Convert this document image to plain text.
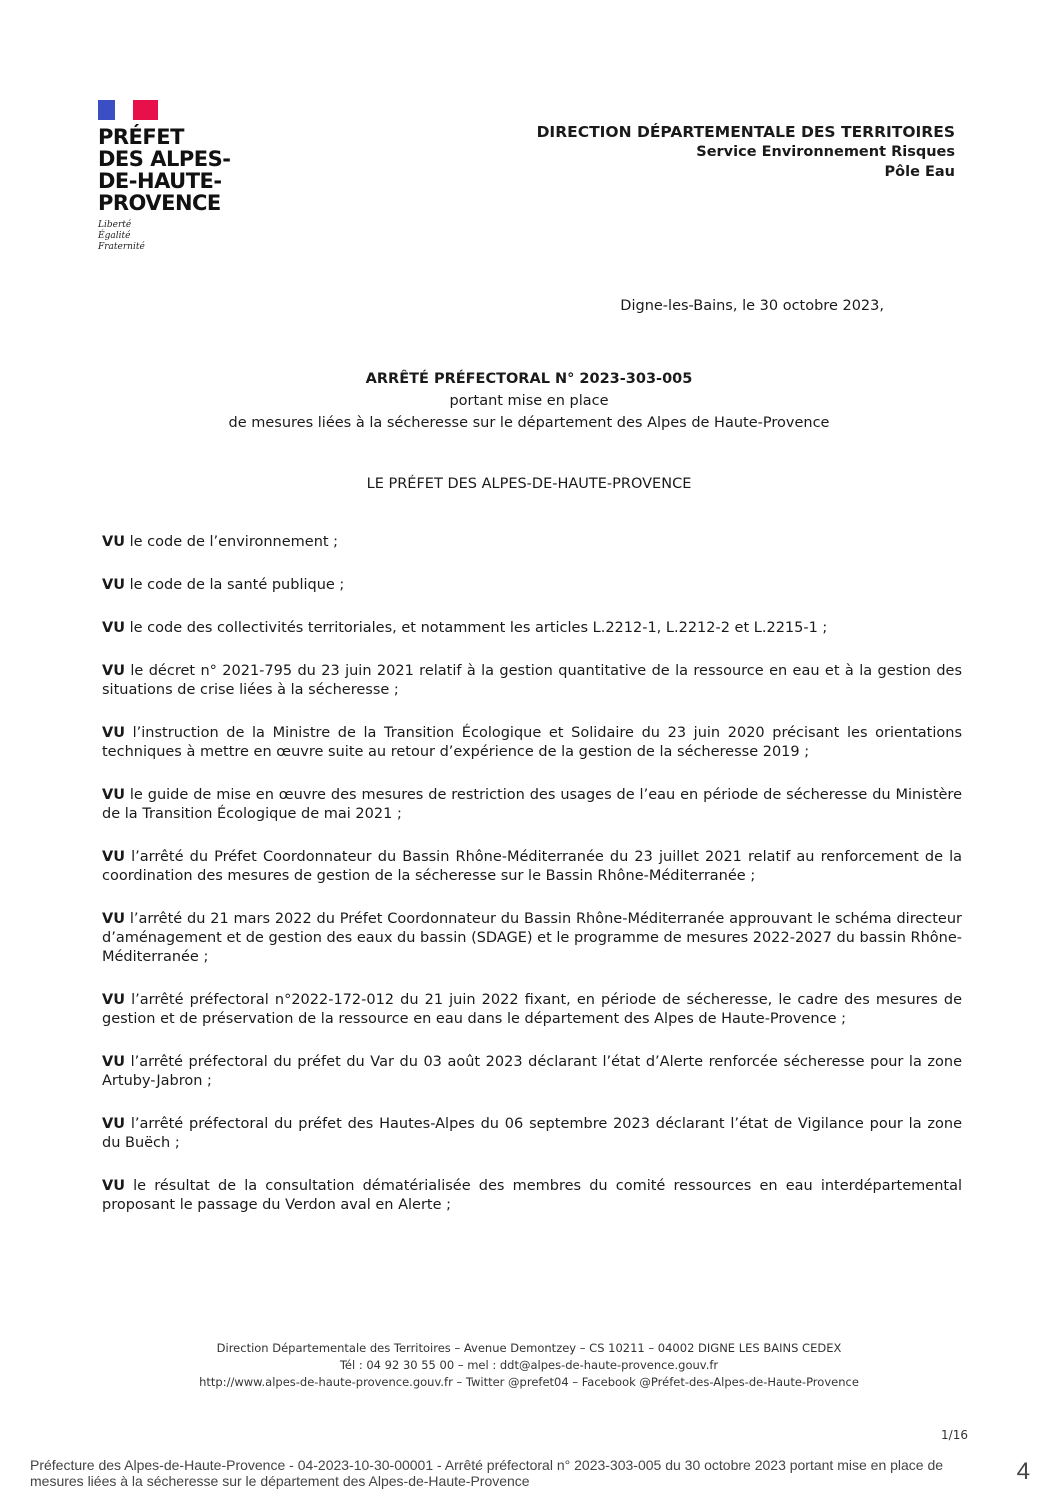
PRÉFET
DES ALPES-
DE-HAUTE-
PROVENCE
Liberté
Égalité
Fraternité
DIRECTION DÉPARTEMENTALE DES TERRITOIRES
Service Environnement Risques
Pôle Eau
Digne-les-Bains, le 30 octobre 2023,
ARRÊTÉ PRÉFECTORAL N° 2023-303-005
portant mise en place
de mesures liées à la sécheresse sur le département des Alpes de Haute-Provence
LE PRÉFET DES ALPES-DE-HAUTE-PROVENCE

VU le code de l’environnement ;

VU le code de la santé publique ;

VU le code des collectivités territoriales, et notamment les articles L.2212-1, L.2212-2 et L.2215-1 ;

VU le décret n° 2021-795 du 23 juin 2021 relatif à la gestion quantitative de la ressource en eau et à la gestion des situations de crise liées à la sécheresse ;

VU l’instruction de la Ministre de la Transition Écologique et Solidaire du 23 juin 2020 précisant les orientations techniques à mettre en œuvre suite au retour d’expérience de la gestion de la sécheresse 2019 ;

VU le guide de mise en œuvre des mesures de restriction des usages de l’eau en période de sécheresse du Ministère de la Transition Écologique de mai 2021 ;

VU l’arrêté du Préfet Coordonnateur du Bassin Rhône-Méditerranée du 23 juillet 2021 relatif au renforcement de la coordination des mesures de gestion de la sécheresse sur le Bassin Rhône-Méditerranée ;

VU l’arrêté du 21 mars 2022 du Préfet Coordonnateur du Bassin Rhône-Méditerranée approuvant le schéma directeur d’aménagement et de gestion des eaux du bassin (SDAGE) et le programme de mesures 2022-2027 du bassin Rhône-Méditerranée ;

VU l’arrêté préfectoral n°2022-172-012 du 21 juin 2022 fixant, en période de sécheresse, le cadre des mesures de gestion et de préservation de la ressource en eau dans le département des Alpes de Haute-Provence ;

VU l’arrêté préfectoral du préfet du Var du 03 août 2023 déclarant l’état d’Alerte renforcée sécheresse pour la zone Artuby-Jabron ;

VU l’arrêté préfectoral du préfet des Hautes-Alpes du 06 septembre 2023 déclarant l’état de Vigilance pour la zone du Buëch ;

VU le résultat de la consultation dématérialisée des membres du comité ressources en eau interdépartemental proposant le passage du Verdon aval en Alerte ;

Direction Départementale des Territoires – Avenue Demontzey – CS 10211 – 04002 DIGNE LES BAINS CEDEX
Tél : 04 92 30 55 00 – mel : ddt@alpes-de-haute-provence.gouv.fr
http://www.alpes-de-haute-provence.gouv.fr – Twitter @prefet04 – Facebook @Préfet-des-Alpes-de-Haute-Provence
1/16
Préfecture des Alpes-de-Haute-Provence - 04-2023-10-30-00001 - Arrêté préfectoral n° 2023-303-005 du 30 octobre 2023 portant mise en place de mesures liées à la sécheresse sur le département des Alpes-de-Haute-Provence	4
